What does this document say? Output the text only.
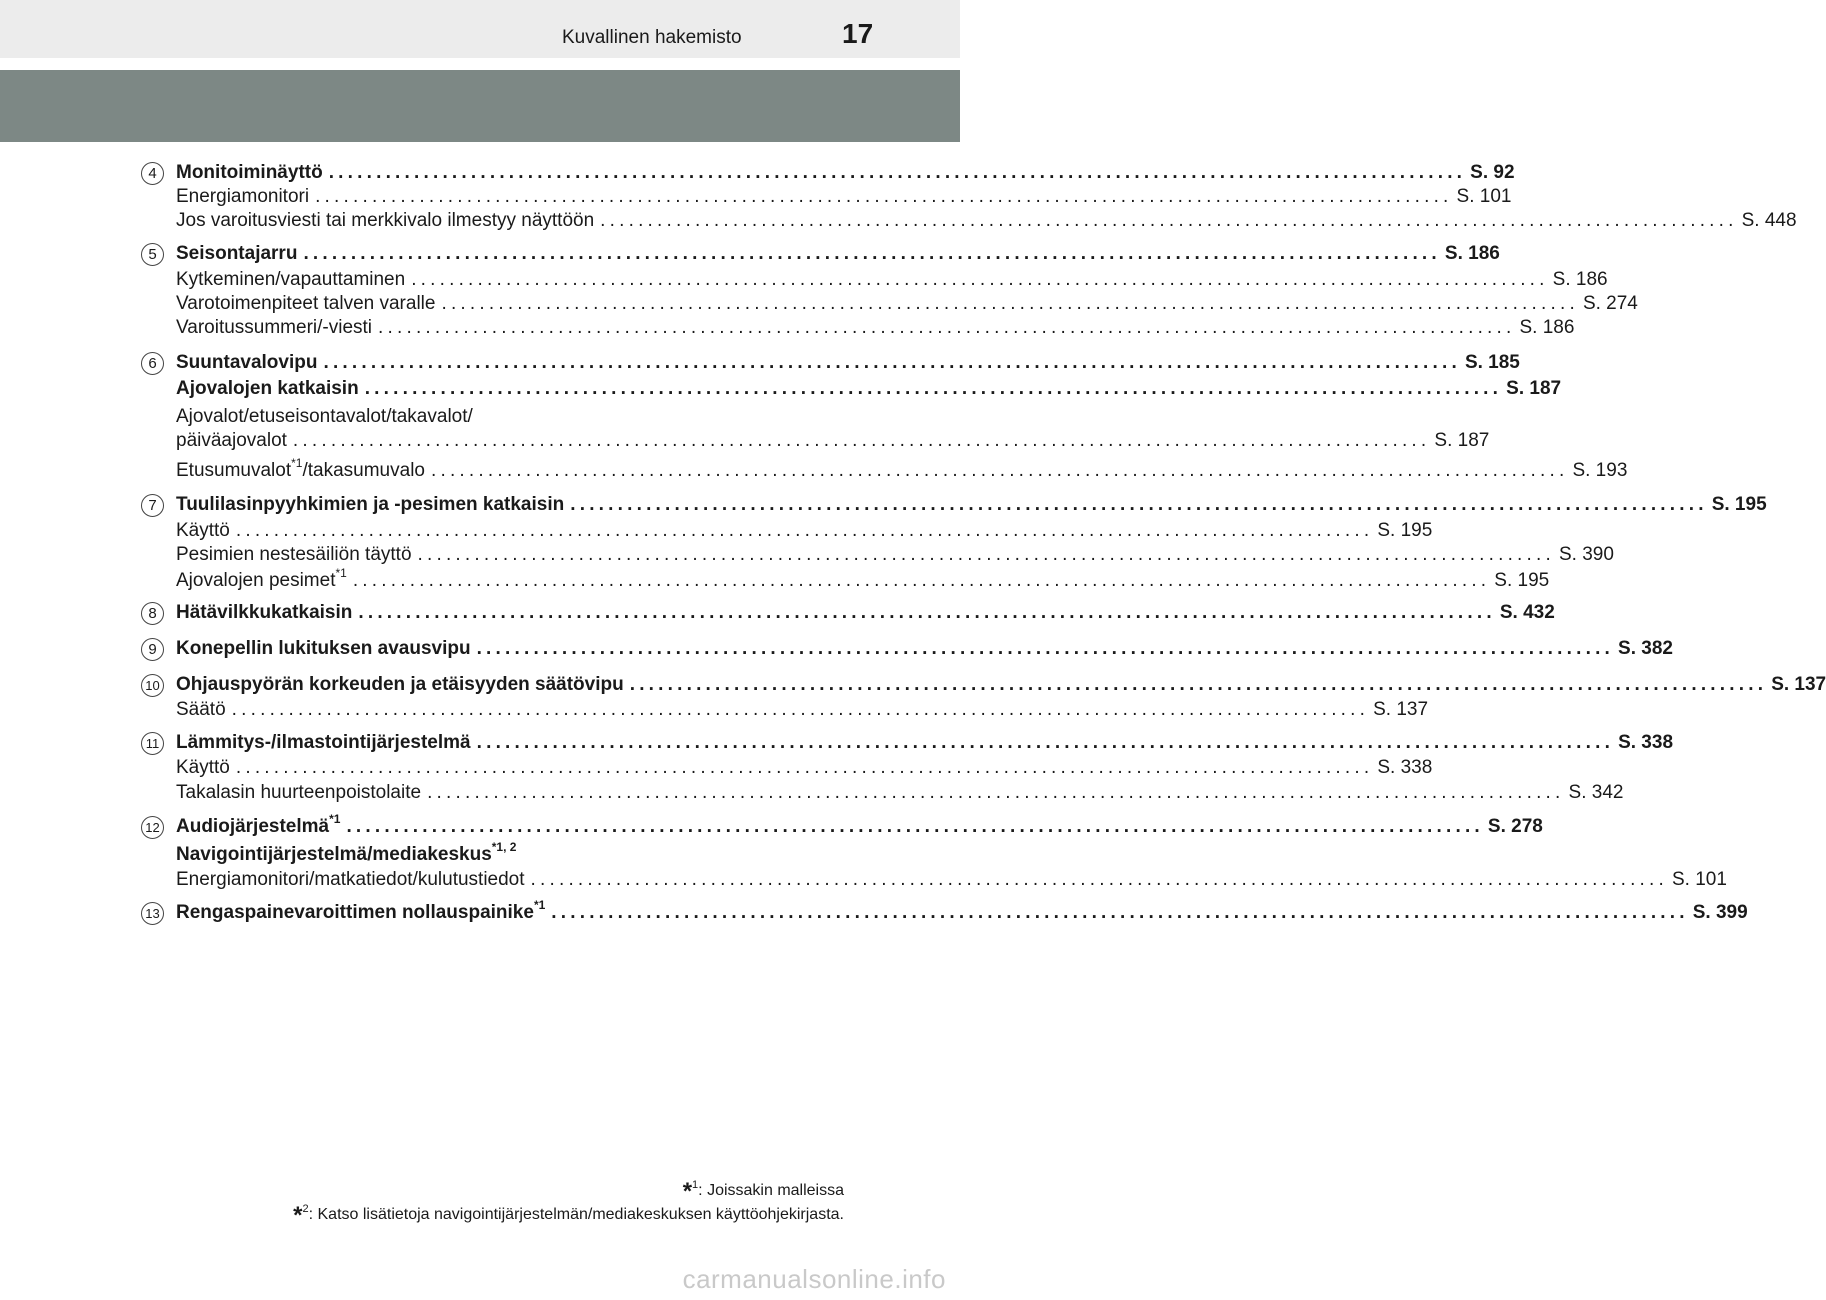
Kuvallinen hakemisto	17
Monitoiminäyttö ........................................................................................................................ S. 92
4
Energiamonitori ........................................................................................................................ S. 101
Jos varoitusviesti tai merkkivalo ilmestyy näyttöön ........................................................................................................................ S. 448
Seisontajarru ........................................................................................................................ S. 186
5
Kytkeminen/vapauttaminen ........................................................................................................................ S. 186
Varotoimenpiteet talven varalle ........................................................................................................................ S. 274
Varoitussummeri/-viesti ........................................................................................................................ S. 186
Suuntavalovipu ........................................................................................................................ S. 185
6
Ajovalojen katkaisin ........................................................................................................................ S. 187
Ajovalot/etuseisontavalot/takavalot/
päiväajovalot ........................................................................................................................ S. 187
Etusumuvalot$^{*1}$/takasumuvalo ........................................................................................................................ S. 193
Tuulilasinpyyhkimien ja -pesimen katkaisin ........................................................................................................................ S. 195
7
Käyttö ........................................................................................................................ S. 195
Pesimien nestesäiliön täyttö ........................................................................................................................ S. 390
Ajovalojen pesimet$^{*1}$ ........................................................................................................................ S. 195
Hätävilkkukatkaisin ........................................................................................................................ S. 432
8
Konepellin lukituksen avausvipu ........................................................................................................................ S. 382
9
Ohjauspyörän korkeuden ja etäisyyden säätövipu ........................................................................................................................ S. 137
10
Säätö ........................................................................................................................ S. 137
Lämmitys-/ilmastointijärjestelmä ........................................................................................................................ S. 338
11
Käyttö ........................................................................................................................ S. 338
Takalasin huurteenpoistolaite ........................................................................................................................ S. 342
Audiojärjestelmä$^{*1}$ ........................................................................................................................ S. 278
12
Navigointijärjestelmä/mediakeskus$^{*1, 2}$
Energiamonitori/matkatiedot/kulutustiedot ........................................................................................................................ S. 101
Rengaspainevaroittimen nollauspainike$^{*1}$ ........................................................................................................................ S. 399
13
*$^1$: Joissakin malleissa
*$^2$: Katso lisätietoja navigointijärjestelmän/mediakeskuksen käyttöohjekirjasta.
carmanualsonline.info
